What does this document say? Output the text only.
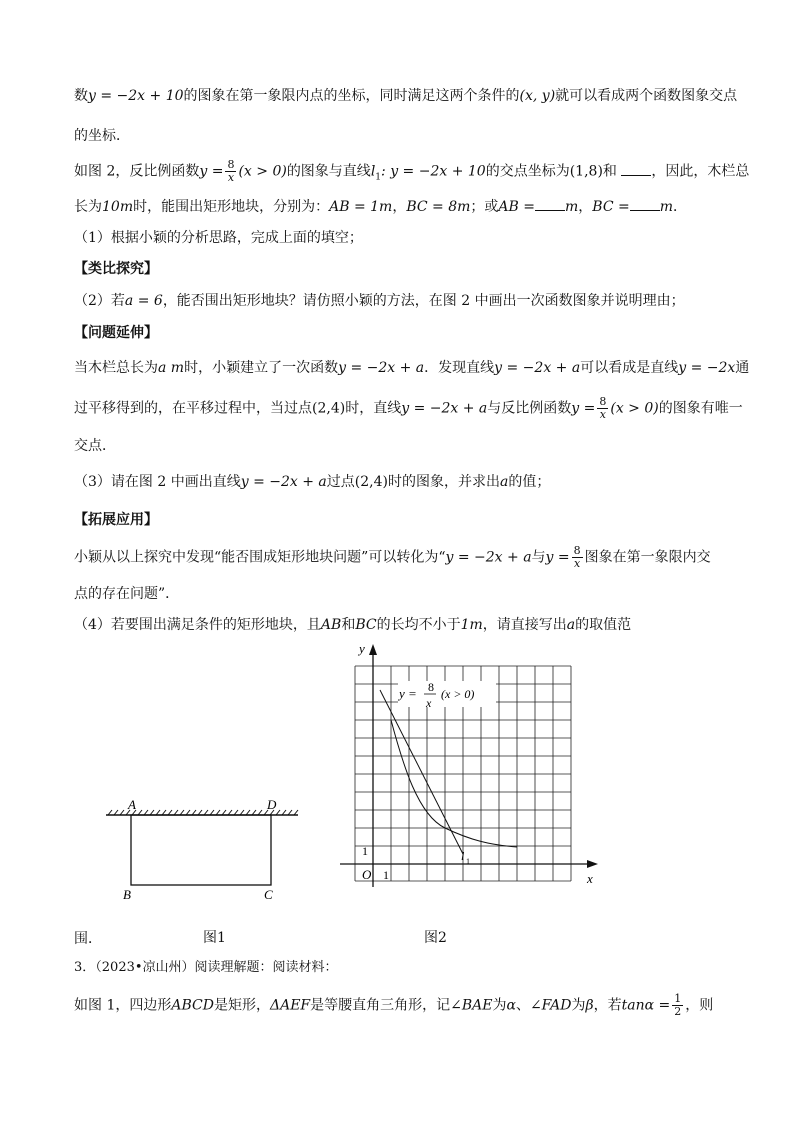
数y = −2x + 10的图象在第一象限内点的坐标，同时满足这两个条件的(x, y)就可以看成两个函数图象交点
的坐标．
如图 2，反比例函数$y = \frac{8}{x} (x > 0)$的图象与直线$l_1$: y = −2x + 10的交点坐标为(1,8)和 ，因此，木栏总
长为10m时，能围出矩形地块，分别为：AB = 1m，BC = 8m；或AB = m，BC = m．
（1）根据小颖的分析思路，完成上面的填空；
【类比探究】
（2）若a = 6，能否围出矩形地块？请仿照小颖的方法，在图 2 中画出一次函数图象并说明理由；
【问题延伸】
当木栏总长为a m时，小颖建立了一次函数y = −2x + a．发现直线y = −2x + a可以看成是直线y = −2x通
过平移得到的，在平移过程中，当过点(2,4)时，直线y = −2x + a与反比例函数$y = \frac{8}{x} (x > 0)$的图象有唯一
交点．
（3）请在图 2 中画出直线y = −2x + a过点(2,4)时的图象，并求出a的值；
【拓展应用】
小颖从以上探究中发现“能否围成矩形地块问题”可以转化为“y = −2x + a与$y = \frac{8}{x}$ 图象在第一象限内交
点的存在问题”．
（4）若要围出满足条件的矩形地块，且AB和BC的长均不小于1m，请直接写出a的取值范
A	D
B	C
图1
y = 8
x
(x > 0)
l 1
O 1
1
y
x
图2
围．
3．（2023•凉山州）阅读理解题：阅读材料：
如图 1，四边形ABCD是矩形，ΔAEF是等腰直角三角形，记∠BAE为α、∠FAD为β，若$\tan\alpha = \frac{1}{2}$ ，则
